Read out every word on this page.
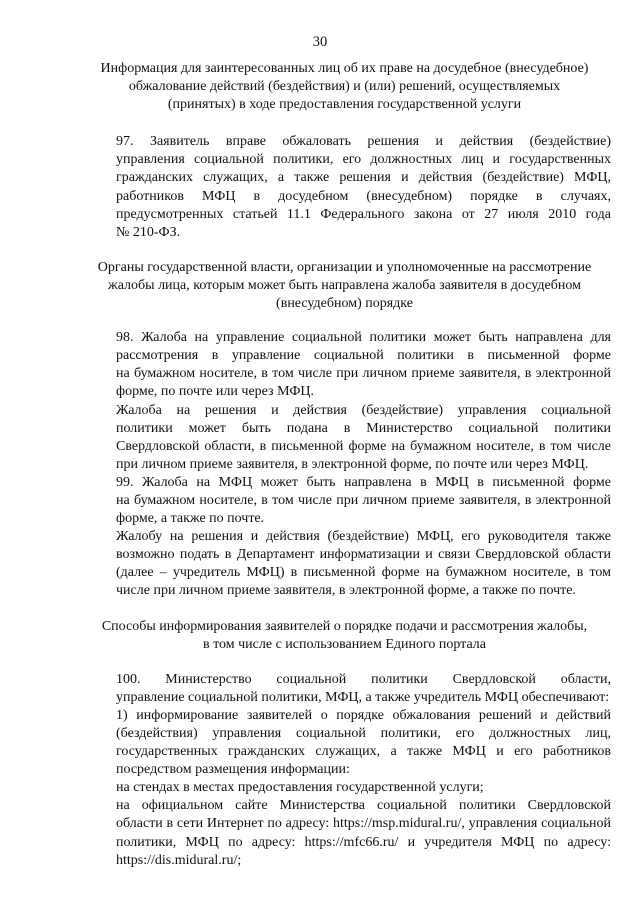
30
Информация для заинтересованных лиц об их праве на досудебное (внесудебное)
обжалование действий (бездействия) и (или) решений, осуществляемых
(принятых) в ходе предоставления государственной услуги
97. Заявитель вправе обжаловать решения и действия (бездействие)
управления социальной политики, его должностных лиц и государственных
гражданских служащих, а также решения и действия (бездействие) МФЦ,
работников МФЦ в досудебном (внесудебном) порядке в случаях,
предусмотренных статьей 11.1 Федерального закона от 27 июля 2010 года
№ 210-ФЗ.
Органы государственной власти, организации и уполномоченные на рассмотрение
жалобы лица, которым может быть направлена жалоба заявителя в досудебном
(внесудебном) порядке
98. Жалоба на управление социальной политики может быть направлена для
рассмотрения в управление социальной политики в письменной форме
на бумажном носителе, в том числе при личном приеме заявителя, в электронной
форме, по почте или через МФЦ.
Жалоба на решения и действия (бездействие) управления социальной
политики может быть подана в Министерство социальной политики
Свердловской области, в письменной форме на бумажном носителе, в том числе
при личном приеме заявителя, в электронной форме, по почте или через МФЦ.
99. Жалоба на МФЦ может быть направлена в МФЦ в письменной форме
на бумажном носителе, в том числе при личном приеме заявителя, в электронной
форме, а также по почте.
Жалобу на решения и действия (бездействие) МФЦ, его руководителя также
возможно подать в Департамент информатизации и связи Свердловской области
(далее – учредитель МФЦ) в письменной форме на бумажном носителе, в том
числе при личном приеме заявителя, в электронной форме, а также по почте.
Способы информирования заявителей о порядке подачи и рассмотрения жалобы,
в том числе с использованием Единого портала
100. Министерство социальной политики Свердловской области,
управление социальной политики, МФЦ, а также учредитель МФЦ обеспечивают:
1) информирование заявителей о порядке обжалования решений и действий
(бездействия) управления социальной политики, его должностных лиц,
государственных гражданских служащих, а также МФЦ и его работников
посредством размещения информации:
на стендах в местах предоставления государственной услуги;
на официальном сайте Министерства социальной политики Свердловской
области в сети Интернет по адресу: https://msp.midural.ru/, управления социальной
политики, МФЦ по адресу: https://mfc66.ru/ и учредителя МФЦ по адресу:
https://dis.midural.ru/;
